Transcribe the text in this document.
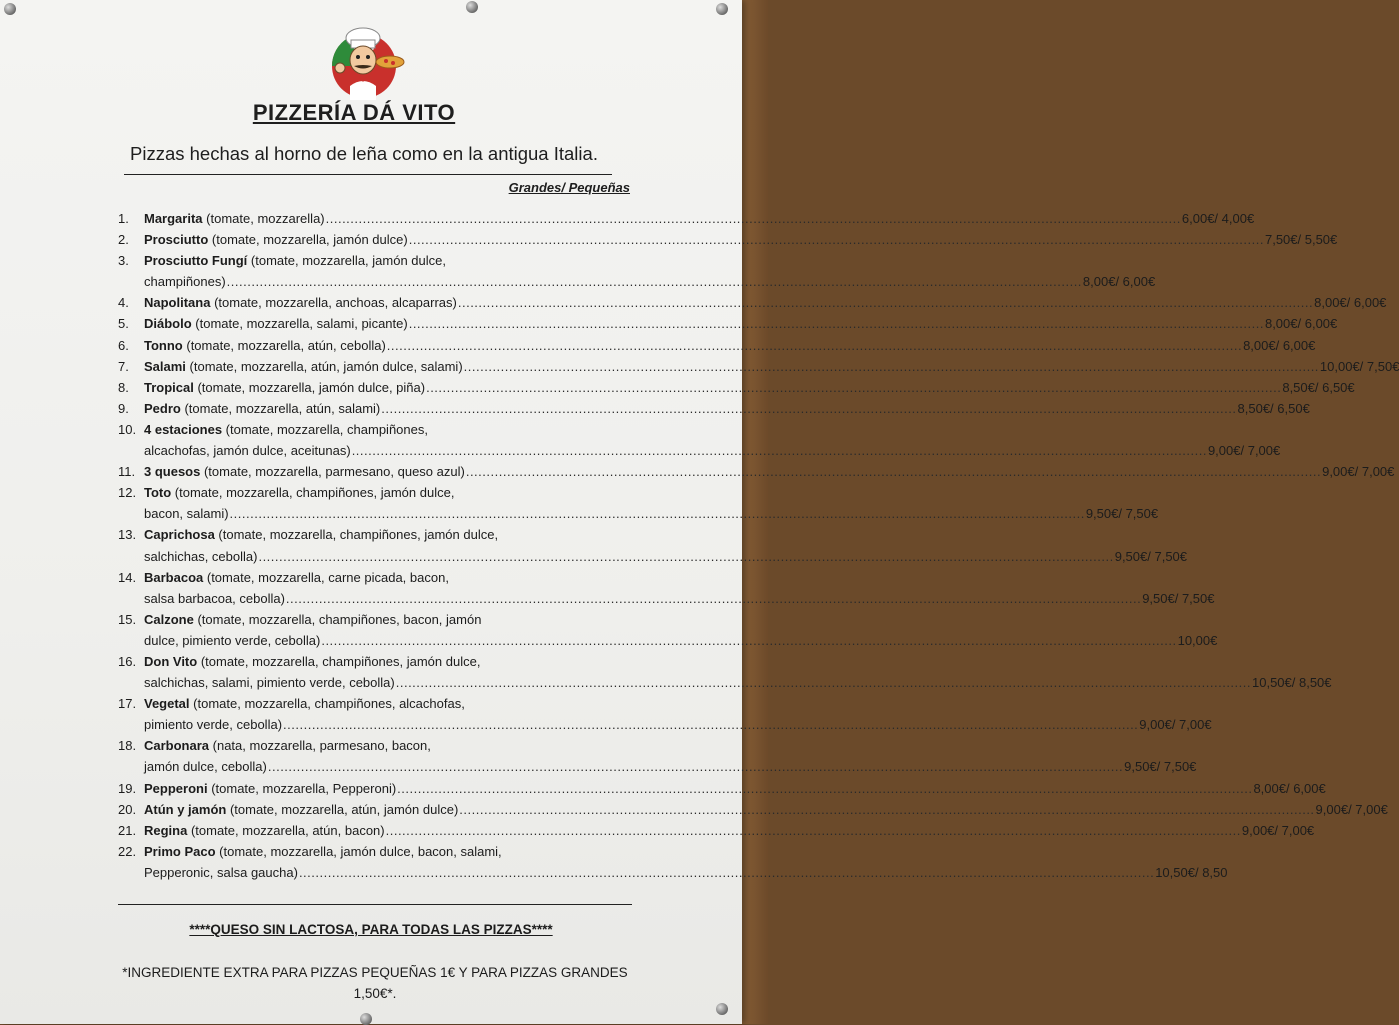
PIZZERÍA DÁ VITO
Pizzas hechas al horno de leña como en la antigua Italia.
Grandes/ Pequeñas
1.	Margarita (tomate, mozzarella) .....	6,00€/ 4,00€
2.	Prosciutto (tomate, mozzarella, jamón dulce) .....	7,50€/ 5,50€
3.	Prosciutto Fungí (tomate, mozzarella, jamón dulce,
champiñones) .....	8,00€/ 6,00€
4.	Napolitana (tomate, mozzarella, anchoas, alcaparras) .....	8,00€/ 6,00€
5.	Diábolo (tomate, mozzarella, salami, picante) .....	8,00€/ 6,00€
6.	Tonno (tomate, mozzarella, atún, cebolla) .....	8,00€/ 6,00€
7.	Salami (tomate, mozzarella, atún, jamón dulce, salami) .....	10,00€/ 7,50€
8.	Tropical (tomate, mozzarella, jamón dulce, piña) .....	8,50€/ 6,50€
9.	Pedro (tomate, mozzarella, atún, salami) .....	8,50€/ 6,50€
10. 4 estaciones (tomate, mozzarella, champiñones,
alcachofas, jamón dulce, aceitunas) .....	9,00€/ 7,00€
11. 3 quesos (tomate, mozzarella, parmesano, queso azul) .....	9,00€/ 7,00€
12. Toto (tomate, mozzarella, champiñones, jamón dulce,
bacon, salami) .....	9,50€/ 7,50€
13. Caprichosa (tomate, mozzarella, champiñones, jamón dulce,
salchichas, cebolla) .....	9,50€/ 7,50€
14. Barbacoa (tomate, mozzarella, carne picada, bacon,
salsa barbacoa, cebolla) .....	9,50€/ 7,50€
15. Calzone (tomate, mozzarella, champiñones, bacon, jamón
dulce, pimiento verde, cebolla) .....	10,00€
16. Don Vito (tomate, mozzarella, champiñones, jamón dulce,
salchichas, salami, pimiento verde, cebolla) .....	10,50€/ 8,50€
17. Vegetal (tomate, mozzarella, champiñones, alcachofas,
pimiento verde, cebolla) .....	9,00€/ 7,00€
18. Carbonara (nata, mozzarella, parmesano, bacon,
jamón dulce, cebolla) .....	9,50€/ 7,50€
19. Pepperoni (tomate, mozzarella, Pepperoni) .....	8,00€/ 6,00€
20. Atún y jamón (tomate, mozzarella, atún, jamón dulce) .....	9,00€/ 7,00€
21. Regina (tomate, mozzarella, atún, bacon) .....	9,00€/ 7,00€
22. Primo Paco (tomate, mozzarella, jamón dulce, bacon, salami,
Pepperonic, salsa gaucha) .....	10,50€/ 8,50
****QUESO SIN LACTOSA, PARA TODAS LAS PIZZAS****
*INGREDIENTE EXTRA PARA PIZZAS PEQUEÑAS 1€ Y PARA PIZZAS GRANDES 1,50€*.
